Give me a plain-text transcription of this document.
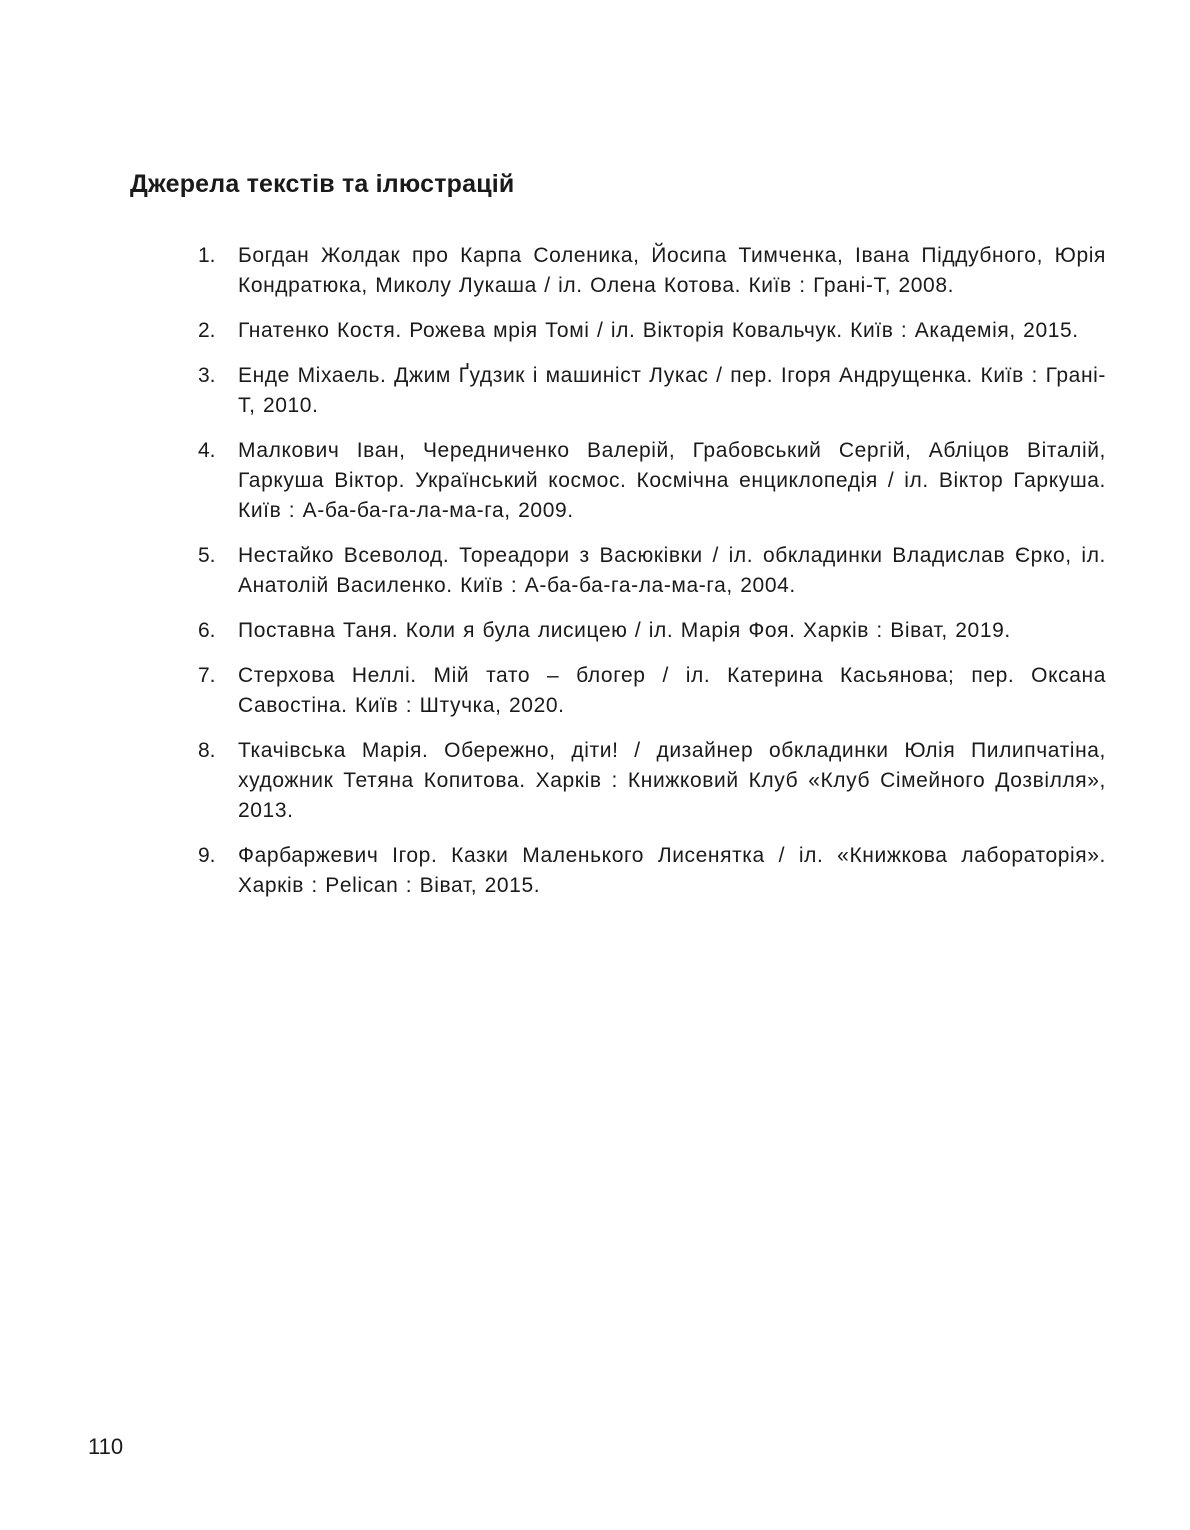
Джерела текстів та ілюстрацій
1.	Богдан Жолдак про Карпа Соленика, Йосипа Тимченка, Івана Піддубного, Юрія Кондратюка, Миколу Лукаша / іл. Олена Котова. Київ : Грані-Т, 2008.
2.	Гнатенко Костя. Рожева мрія Томі / іл. Вікторія Ковальчук. Київ : Академія, 2015.
3.	Енде Міхаель. Джим Ґудзик і машиніст Лукас / пер. Ігоря Андрущенка. Київ : Грані-Т, 2010.
4.	Малкович Іван, Чередниченко Валерій, Грабовський Сергій, Абліцов Віталій, Гаркуша Віктор. Український космос. Космічна енциклопедія / іл. Віктор Гаркуша. Київ : А-ба-ба-га-ла-ма-га, 2009.
5.	Нестайко Всеволод. Тореадори з Васюківки / іл. обкладинки Владислав Єрко, іл. Анатолій Василенко. Київ : А-ба-ба-га-ла-ма-га, 2004.
6.	Поставна Таня. Коли я була лисицею / іл. Марія Фоя. Харків : Віват, 2019.
7.	Стерхова Неллі. Мій тато – блогер / іл. Катерина Касьянова; пер. Оксана Савостіна. Київ : Штучка, 2020.
8.	Ткачівська Марія. Обережно, діти! / дизайнер обкладинки Юлія Пилипчатіна, художник Тетяна Копитова. Харків : Книжковий Клуб «Клуб Сімейного Дозвілля», 2013.
9.	Фарбаржевич Ігор. Казки Маленького Лисенятка / іл. «Книжкова лабораторія». Харків : Pelican : Віват, 2015.
110
